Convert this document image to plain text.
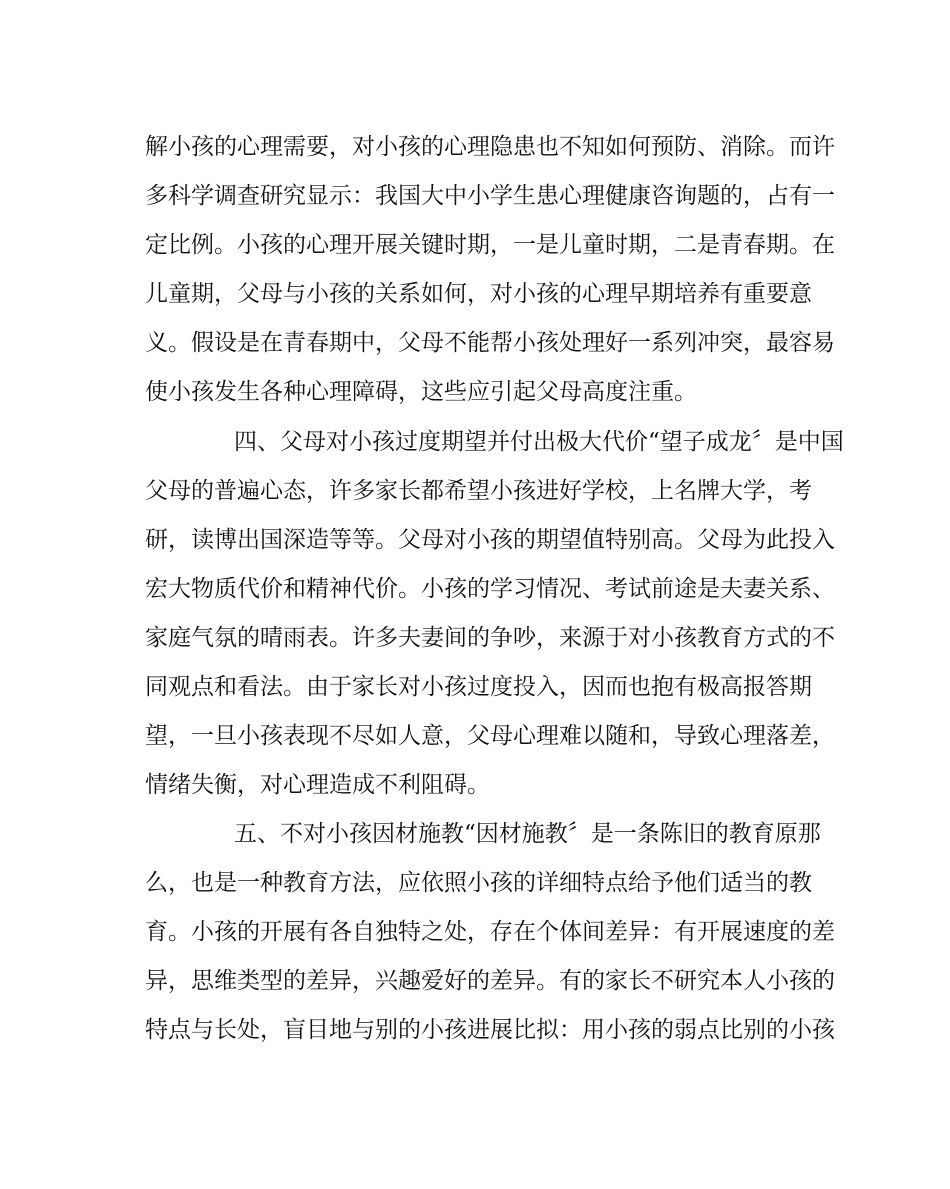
解小孩的心理需要，对小孩的心理隐患也不知如何预防、消除。而许
多科学调查研究显示：我国大中小学生患心理健康咨询题的，占有一
定比例。小孩的心理开展关键时期，一是儿童时期，二是青春期。在
儿童期，父母与小孩的关系如何，对小孩的心理早期培养有重要意
义。假设是在青春期中，父母不能帮小孩处理好一系列冲突，最容易
使小孩发生各种心理障碍，这些应引起父母高度注重。
四、父母对小孩过度期望并付出极大代价“望子成龙〞是中国
父母的普遍心态，许多家长都希望小孩进好学校，上名牌大学，考
研，读博出国深造等等。父母对小孩的期望值特别高。父母为此投入
宏大物质代价和精神代价。小孩的学习情况、考试前途是夫妻关系、
家庭气氛的晴雨表。许多夫妻间的争吵，来源于对小孩教育方式的不
同观点和看法。由于家长对小孩过度投入，因而也抱有极高报答期
望，一旦小孩表现不尽如人意，父母心理难以随和，导致心理落差，
情绪失衡，对心理造成不利阻碍。
五、不对小孩因材施教“因材施教〞是一条陈旧的教育原那
么，也是一种教育方法，应依照小孩的详细特点给予他们适当的教
育。小孩的开展有各自独特之处，存在个体间差异：有开展速度的差
异，思维类型的差异，兴趣爱好的差异。有的家长不研究本人小孩的
特点与长处，盲目地与别的小孩进展比拟：用小孩的弱点比别的小孩
